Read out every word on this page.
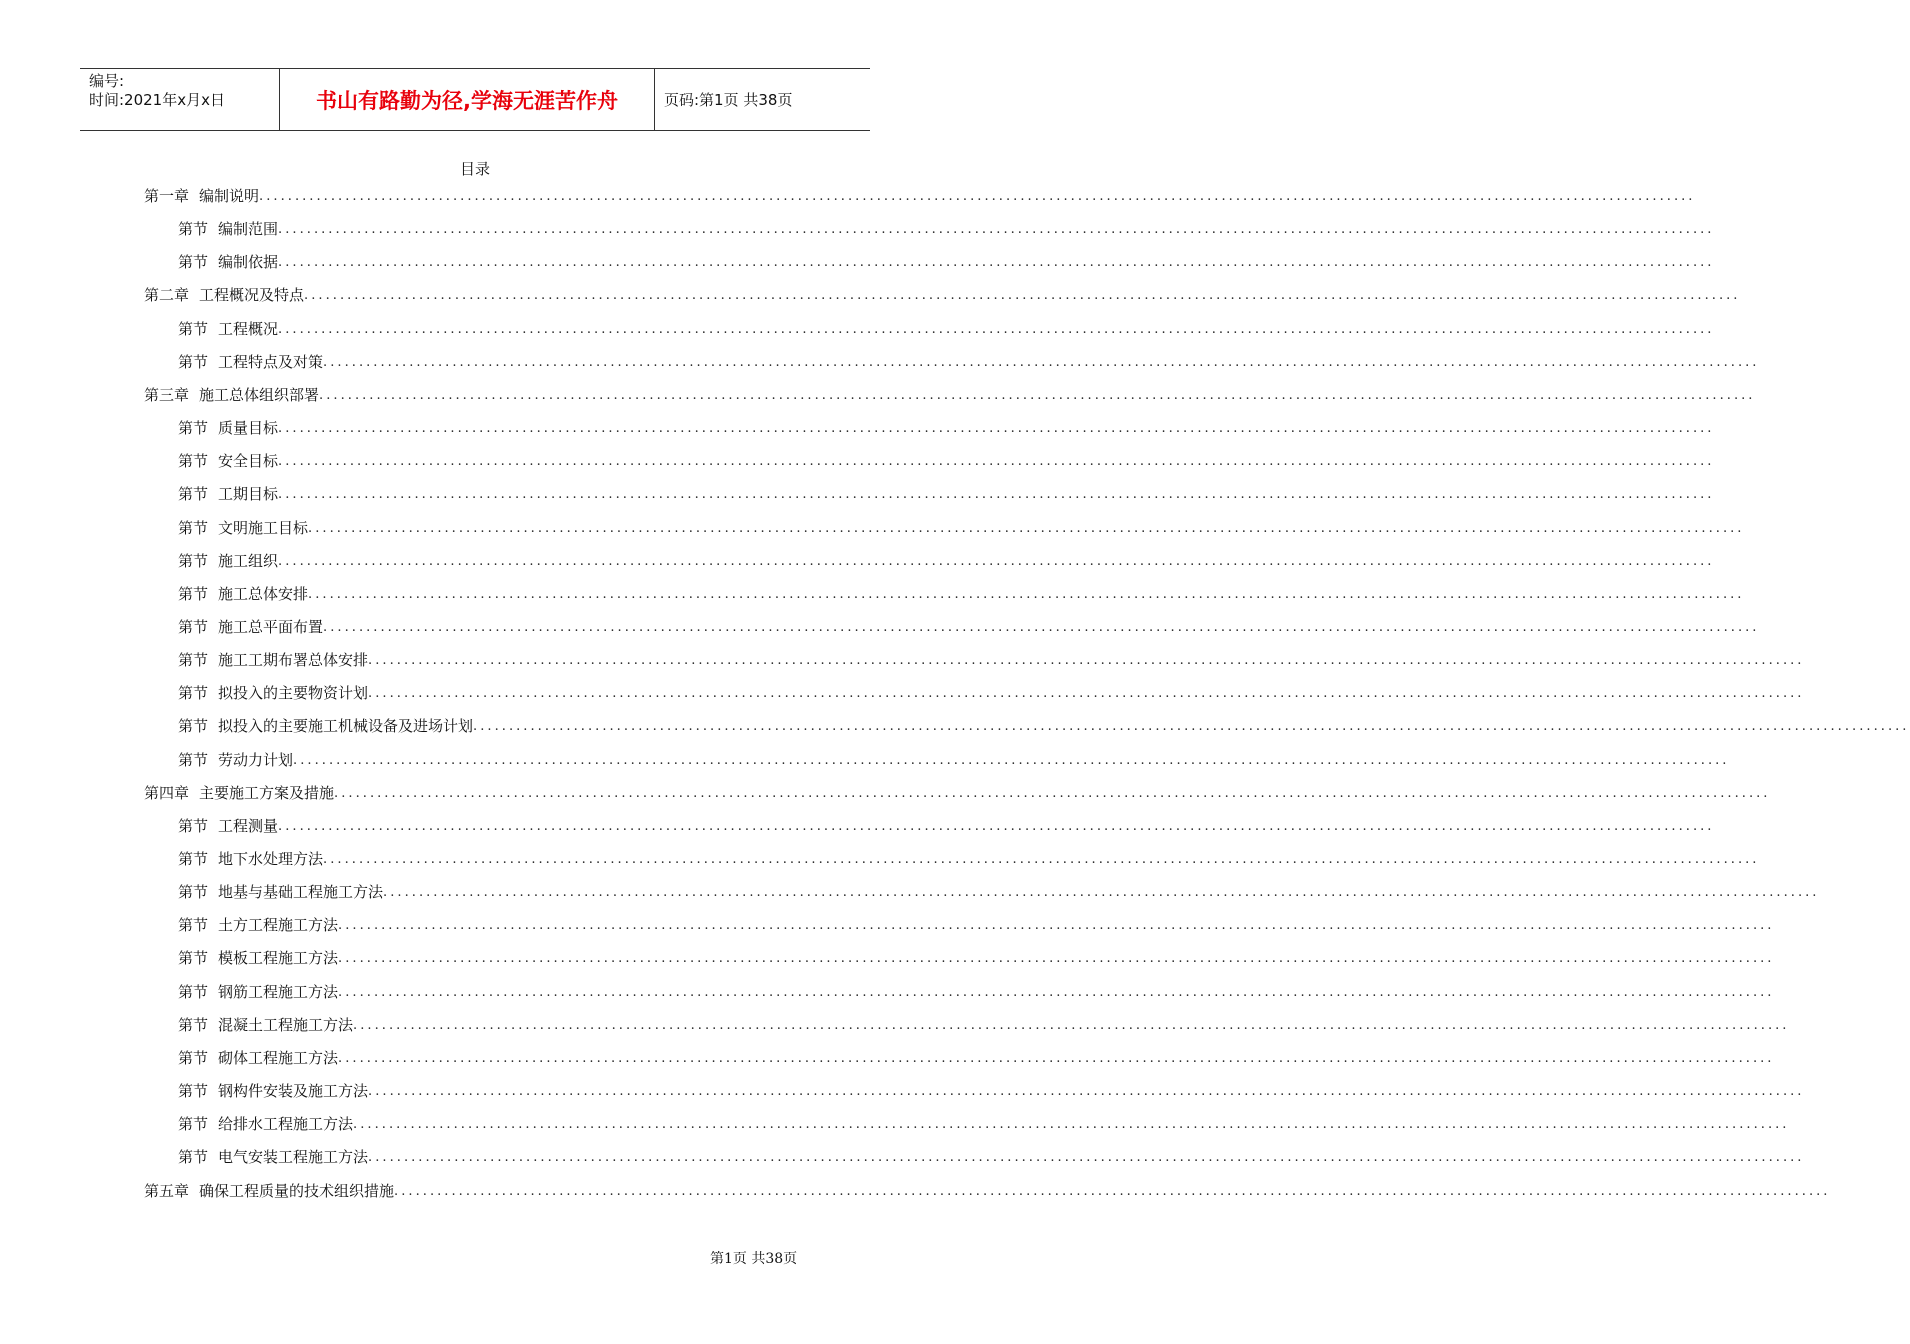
编号:
时间:2021年x月x日	书山有路勤为径,学海无涯苦作舟	页码:第1页 共38页
目录
第一章 编制说明 ........................................................................................................................................................................................................
第节 编制范围 ........................................................................................................................................................................................................
第节 编制依据 ........................................................................................................................................................................................................
第二章 工程概况及特点 ........................................................................................................................................................................................................
第节 工程概况 ........................................................................................................................................................................................................
第节 工程特点及对策 ........................................................................................................................................................................................................
第三章 施工总体组织部署 ........................................................................................................................................................................................................
第节 质量目标 ........................................................................................................................................................................................................
第节 安全目标 ........................................................................................................................................................................................................
第节 工期目标 ........................................................................................................................................................................................................
第节 文明施工目标 ........................................................................................................................................................................................................
第节 施工组织 ........................................................................................................................................................................................................
第节 施工总体安排 ........................................................................................................................................................................................................
第节 施工总平面布置 ........................................................................................................................................................................................................
第节 施工工期布署总体安排 ........................................................................................................................................................................................................
第节 拟投入的主要物资计划 ........................................................................................................................................................................................................
第节 拟投入的主要施工机械设备及进场计划 ........................................................................................................................................................................................................
第节 劳动力计划 ........................................................................................................................................................................................................
第四章 主要施工方案及措施 ........................................................................................................................................................................................................
第节 工程测量 ........................................................................................................................................................................................................
第节 地下水处理方法 ........................................................................................................................................................................................................
第节 地基与基础工程施工方法 ........................................................................................................................................................................................................
第节 土方工程施工方法 ........................................................................................................................................................................................................
第节 模板工程施工方法 ........................................................................................................................................................................................................
第节 钢筋工程施工方法 ........................................................................................................................................................................................................
第节 混凝土工程施工方法 ........................................................................................................................................................................................................
第节 砌体工程施工方法 ........................................................................................................................................................................................................
第节 钢构件安装及施工方法 ........................................................................................................................................................................................................
第节 给排水工程施工方法 ........................................................................................................................................................................................................
第节 电气安装工程施工方法 ........................................................................................................................................................................................................
第五章 确保工程质量的技术组织措施 ........................................................................................................................................................................................................
第1页 共38页
